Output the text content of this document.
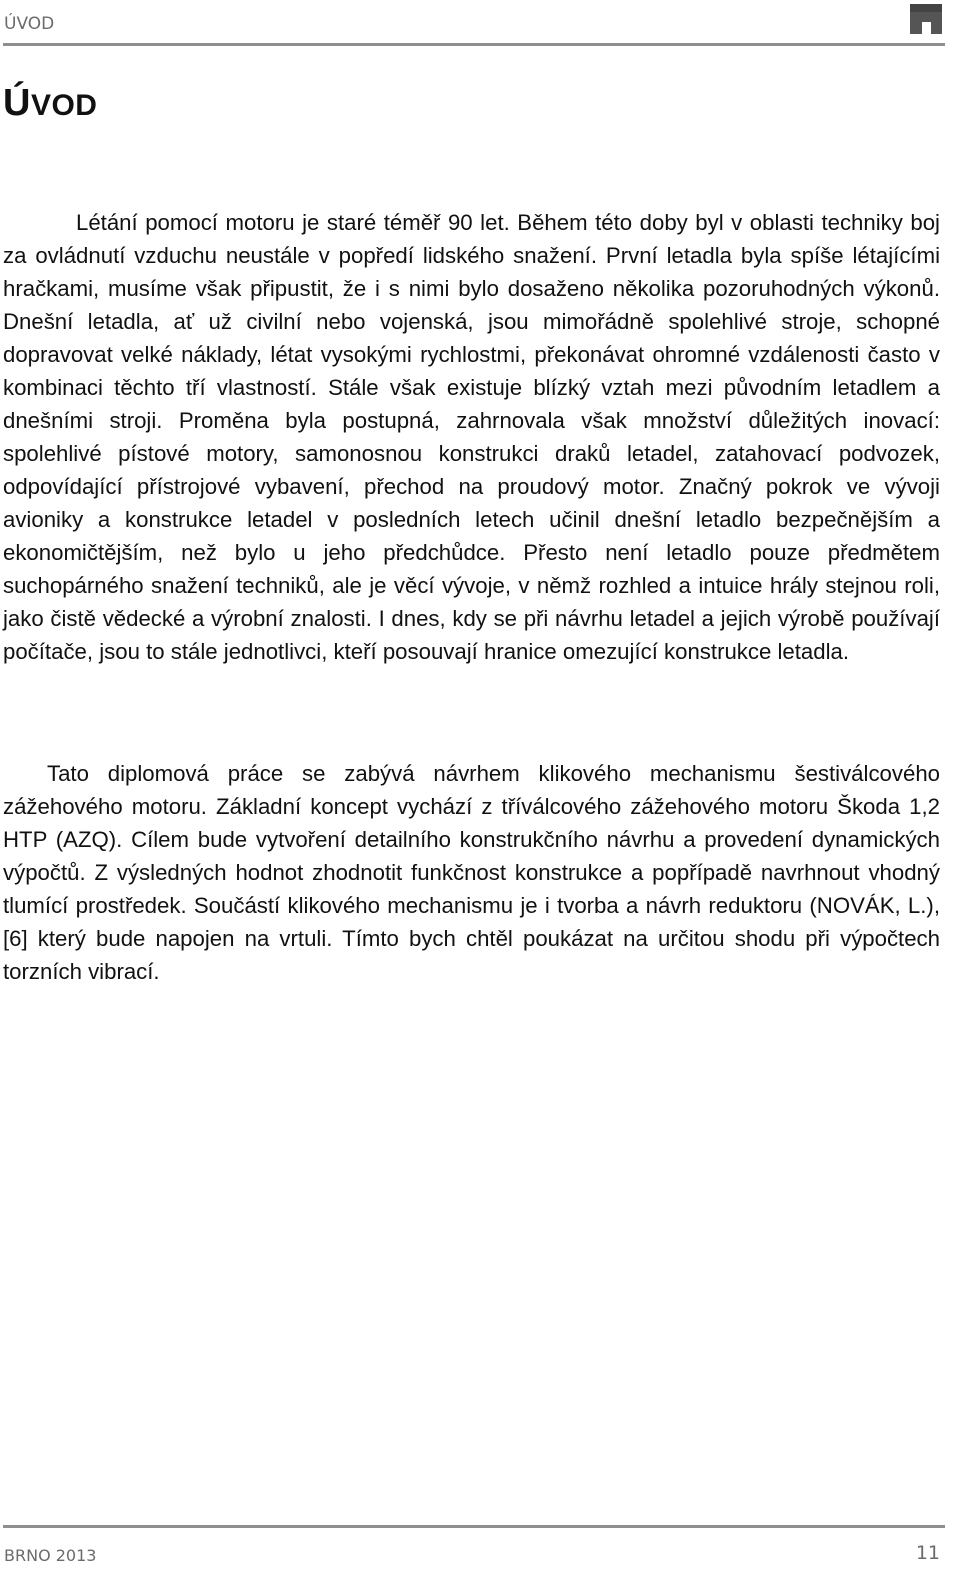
ÚVOD
ÚVOD

Létání pomocí motoru je staré téměř 90 let. Během této doby byl v oblasti techniky boj za ovládnutí vzduchu neustále v popředí lidského snažení. První letadla byla spíše létajícími hračkami, musíme však připustit, že i s nimi bylo dosaženo několika pozoruhodných výkonů. Dnešní letadla, ať už civilní nebo vojenská, jsou mimořádně spolehlivé stroje, schopné dopravovat velké náklady, létat vysokými rychlostmi, překonávat ohromné vzdálenosti často v kombinaci těchto tří vlastností. Stále však existuje blízký vztah mezi původním letadlem a dnešními stroji. Proměna byla postupná, zahrnovala však množství důležitých inovací: spolehlivé pístové motory, samonosnou konstrukci draků letadel, zatahovací podvozek, odpovídající přístrojové vybavení, přechod na proudový motor. Značný pokrok ve vývoji avioniky a konstrukce letadel v posledních letech učinil dnešní letadlo bezpečnějším a ekonomičtějším, než bylo u jeho předchůdce. Přesto není letadlo pouze předmětem suchopárného snažení techniků, ale je věcí vývoje, v němž rozhled a intuice hrály stejnou roli, jako čistě vědecké a výrobní znalosti. I dnes, kdy se při návrhu letadel a jejich výrobě používají počítače, jsou to stále jednotlivci, kteří posouvají hranice omezující konstrukce letadla.

Tato diplomová práce se zabývá návrhem klikového mechanismu šestiválcového zážehového motoru. Základní koncept vychází z tříválcového zážehového motoru Škoda 1,2 HTP (AZQ). Cílem bude vytvoření detailního konstrukčního návrhu a provedení dynamických výpočtů. Z výsledných hodnot zhodnotit funkčnost konstrukce a popřípadě navrhnout vhodný tlumící prostředek. Součástí klikového mechanismu je i tvorba a návrh reduktoru (NOVÁK, L.),[6] který bude napojen na vrtuli. Tímto bych chtěl poukázat na určitou shodu při výpočtech torzních vibrací.

BRNO 2013	11
